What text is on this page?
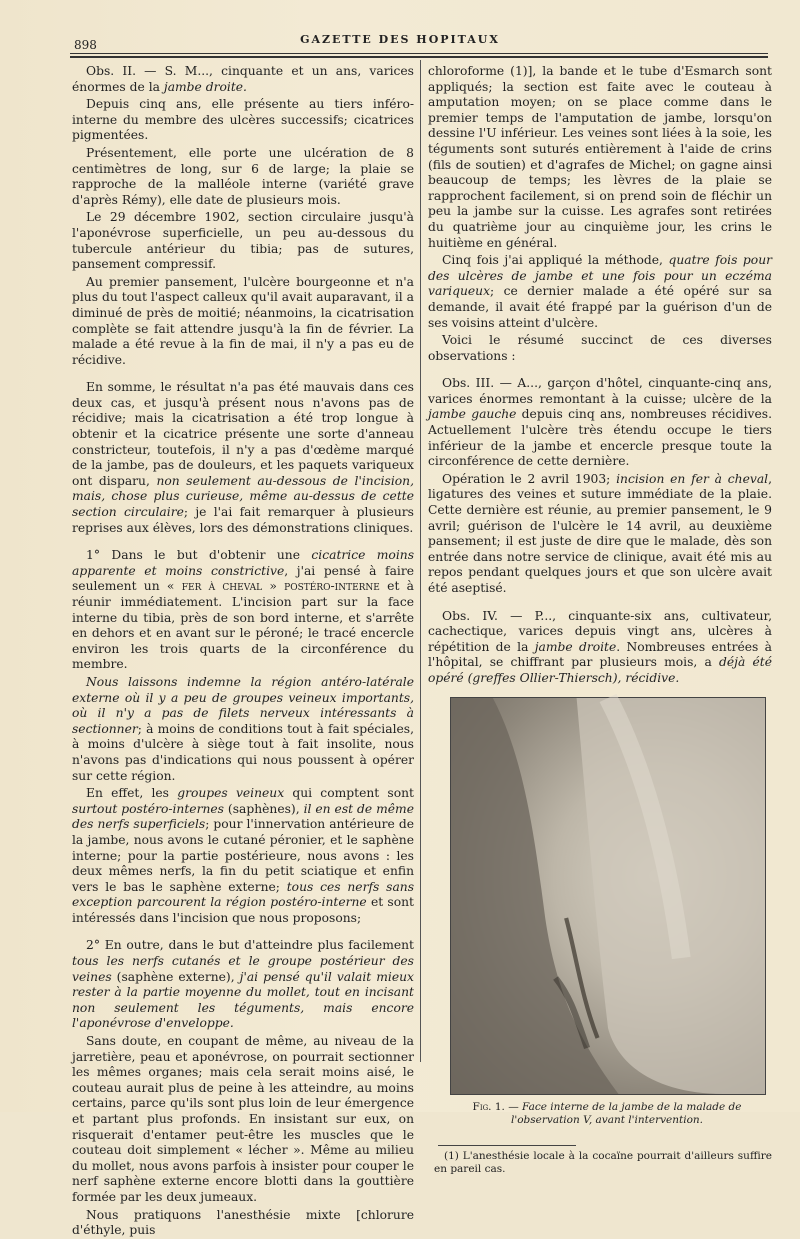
898	GAZETTE DES HOPITAUX

Obs. II. — S. M..., cinquante et un ans, varices énormes de la jambe droite.

Depuis cinq ans, elle présente au tiers inféro-interne du membre des ulcères successifs; cicatrices pigmentées.

Présentement, elle porte une ulcération de 8 centimètres de long, sur 6 de large; la plaie se rapproche de la malléole interne (variété grave d'après Rémy), elle date de plusieurs mois.

Le 29 décembre 1902, section circulaire jusqu'à l'aponévrose superficielle, un peu au-dessous du tubercule antérieur du tibia; pas de sutures, pansement compressif.

Au premier pansement, l'ulcère bourgeonne et n'a plus du tout l'aspect calleux qu'il avait auparavant, il a diminué de près de moitié; néanmoins, la cicatrisation complète se fait attendre jusqu'à la fin de février. La malade a été revue à la fin de mai, il n'y a pas eu de récidive.

En somme, le résultat n'a pas été mauvais dans ces deux cas, et jusqu'à présent nous n'avons pas de récidive; mais la cicatrisation a été trop longue à obtenir et la cicatrice présente une sorte d'anneau constricteur, toutefois, il n'y a pas d'œdème marqué de la jambe, pas de douleurs, et les paquets variqueux ont disparu, non seulement au-dessous de l'incision, mais, chose plus curieuse, même au-dessus de cette section circulaire; je l'ai fait remarquer à plusieurs reprises aux élèves, lors des démonstrations cliniques.

1° Dans le but d'obtenir une cicatrice moins apparente et moins constrictive, j'ai pensé à faire seulement un « fer à cheval » postéro-interne et à réunir immédiatement. L'incision part sur la face interne du tibia, près de son bord interne, et s'arrête en dehors et en avant sur le péroné; le tracé encercle environ les trois quarts de la circonférence du membre.

Nous laissons indemne la région antéro-latérale externe où il y a peu de groupes veineux importants, où il n'y a pas de filets nerveux intéressants à sectionner; à moins de conditions tout à fait spéciales, à moins d'ulcère à siège tout à fait insolite, nous n'avons pas d'indications qui nous poussent à opérer sur cette région.

En effet, les groupes veineux qui comptent sont surtout postéro-internes (saphènes), il en est de même des nerfs superficiels; pour l'innervation antérieure de la jambe, nous avons le cutané péronier, et le saphène interne; pour la partie postérieure, nous avons : les deux mêmes nerfs, la fin du petit sciatique et enfin vers le bas le saphène externe; tous ces nerfs sans exception parcourent la région postéro-interne et sont intéressés dans l'incision que nous proposons;

2° En outre, dans le but d'atteindre plus facilement tous les nerfs cutanés et le groupe postérieur des veines (saphène externe), j'ai pensé qu'il valait mieux rester à la partie moyenne du mollet, tout en incisant non seulement les téguments, mais encore l'aponévrose d'enveloppe.

Sans doute, en coupant de même, au niveau de la jarretière, peau et aponévrose, on pourrait sectionner les mêmes organes; mais cela serait moins aisé, le couteau aurait plus de peine à les atteindre, au moins certains, parce qu'ils sont plus loin de leur émergence et partant plus profonds. En insistant sur eux, on risquerait d'entamer peut-être les muscles que le couteau doit simplement « lécher ». Même au milieu du mollet, nous avons parfois à insister pour couper le nerf saphène externe encore blotti dans la gouttière formée par les deux jumeaux.

Nous pratiquons l'anesthésie mixte [chlorure d'éthyle, puis

chloroforme (1)], la bande et le tube d'Esmarch sont appliqués; la section est faite avec le couteau à amputation moyen; on se place comme dans le premier temps de l'amputation de jambe, lorsqu'on dessine l'U inférieur. Les veines sont liées à la soie, les téguments sont suturés entièrement à l'aide de crins (fils de soutien) et d'agrafes de Michel; on gagne ainsi beaucoup de temps; les lèvres de la plaie se rapprochent facilement, si on prend soin de fléchir un peu la jambe sur la cuisse. Les agrafes sont retirées du quatrième jour au cinquième jour, les crins le huitième en général.

Cinq fois j'ai appliqué la méthode, quatre fois pour des ulcères de jambe et une fois pour un eczéma variqueux; ce dernier malade a été opéré sur sa demande, il avait été frappé par la guérison d'un de ses voisins atteint d'ulcère.

Voici le résumé succinct de ces diverses observations :

Obs. III. — A..., garçon d'hôtel, cinquante-cinq ans, varices énormes remontant à la cuisse; ulcère de la jambe gauche depuis cinq ans, nombreuses récidives. Actuellement l'ulcère très étendu occupe le tiers inférieur de la jambe et encercle presque toute la circonférence de cette dernière.

Opération le 2 avril 1903; incision en fer à cheval, ligatures des veines et suture immédiate de la plaie. Cette dernière est réunie, au premier pansement, le 9 avril; guérison de l'ulcère le 14 avril, au deuxième pansement; il est juste de dire que le malade, dès son entrée dans notre service de clinique, avait été mis au repos pendant quelques jours et que son ulcère avait été aseptisé.

Obs. IV. — P..., cinquante-six ans, cultivateur, cachectique, varices depuis vingt ans, ulcères à répétition de la jambe droite. Nombreuses entrées à l'hôpital, se chiffrant par plusieurs mois, a déjà été opéré (greffes Ollier-Thiersch), récidive.

Fig. 1. — Face interne de la jambe de la malade de l'observation V, avant l'intervention.
(1) L'anesthésie locale à la cocaïne pourrait d'ailleurs suffire en pareil cas.
